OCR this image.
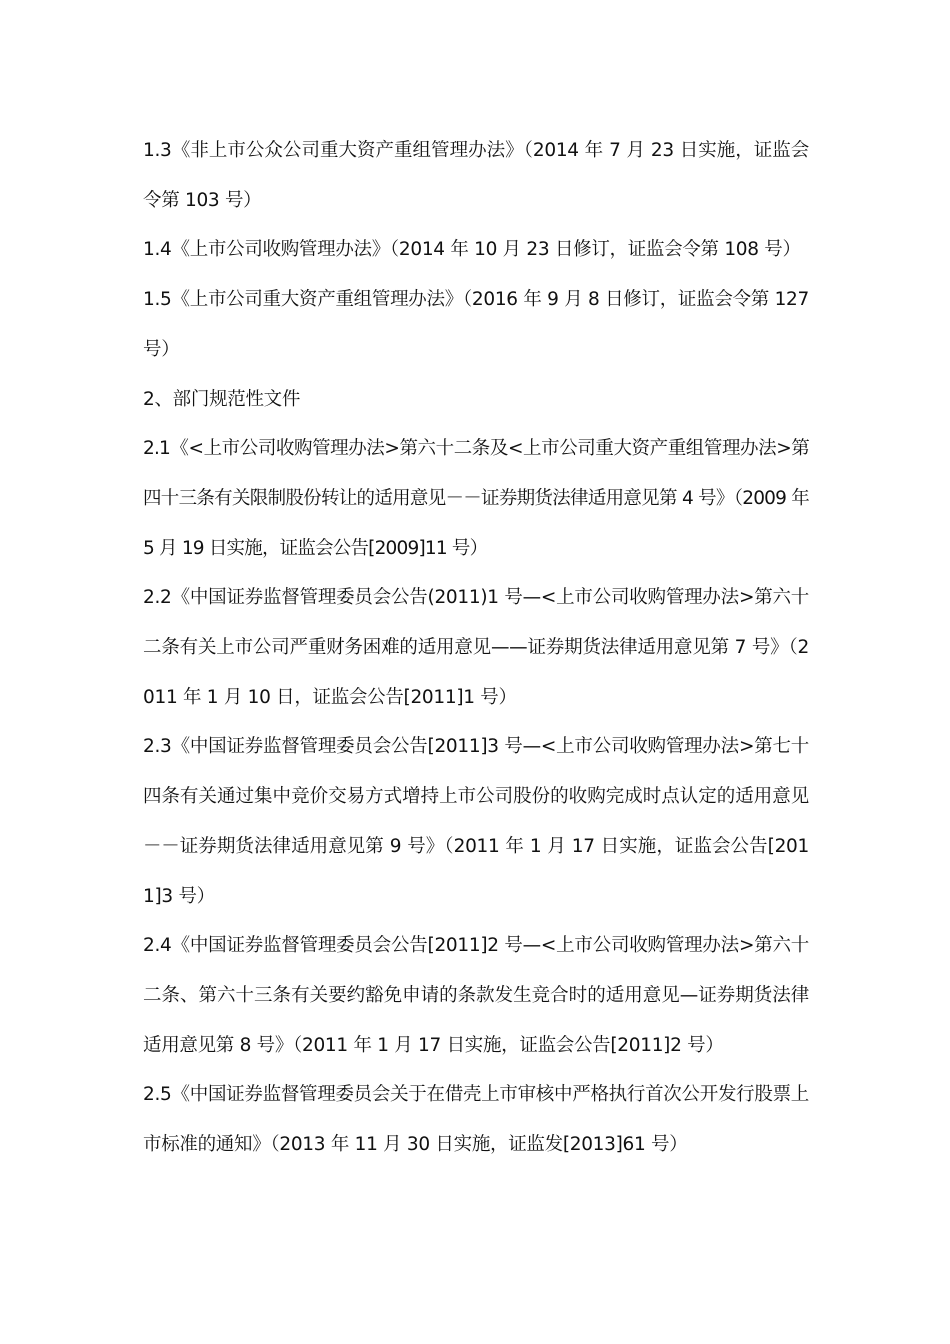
1.3《非上市公众公司重大资产重组管理办法》（2014 年 7 月 23 日实施，证监会令第 103 号）

1.4《上市公司收购管理办法》（2014 年 10 月 23 日修订，证监会令第 108 号）

1.5《上市公司重大资产重组管理办法》（2016 年 9 月 8 日修订，证监会令第 127 号）

2、部门规范性文件

2.1《<上市公司收购管理办法>第六十二条及<上市公司重大资产重组管理办法>第四十三条有关限制股份转让的适用意见－－证券期货法律适用意见第 4 号》（2009 年 5 月 19 日实施，证监会公告[2009]11 号）

2.2《中国证券监督管理委员会公告(2011)1 号—<上市公司收购管理办法>第六十二条有关上市公司严重财务困难的适用意见——证券期货法律适用意见第 7 号》（2011 年 1 月 10 日，证监会公告[2011]1 号）

2.3《中国证券监督管理委员会公告[2011]3 号—<上市公司收购管理办法>第七十四条有关通过集中竞价交易方式增持上市公司股份的收购完成时点认定的适用意见－－证券期货法律适用意见第 9 号》（2011 年 1 月 17 日实施，证监会公告[2011]3 号）

2.4《中国证券监督管理委员会公告[2011]2 号—<上市公司收购管理办法>第六十二条、第六十三条有关要约豁免申请的条款发生竞合时的适用意见—证券期货法律适用意见第 8 号》（2011 年 1 月 17 日实施，证监会公告[2011]2 号）

2.5《中国证券监督管理委员会关于在借壳上市审核中严格执行首次公开发行股票上市标准的通知》（2013 年 11 月 30 日实施，证监发[2013]61 号）
